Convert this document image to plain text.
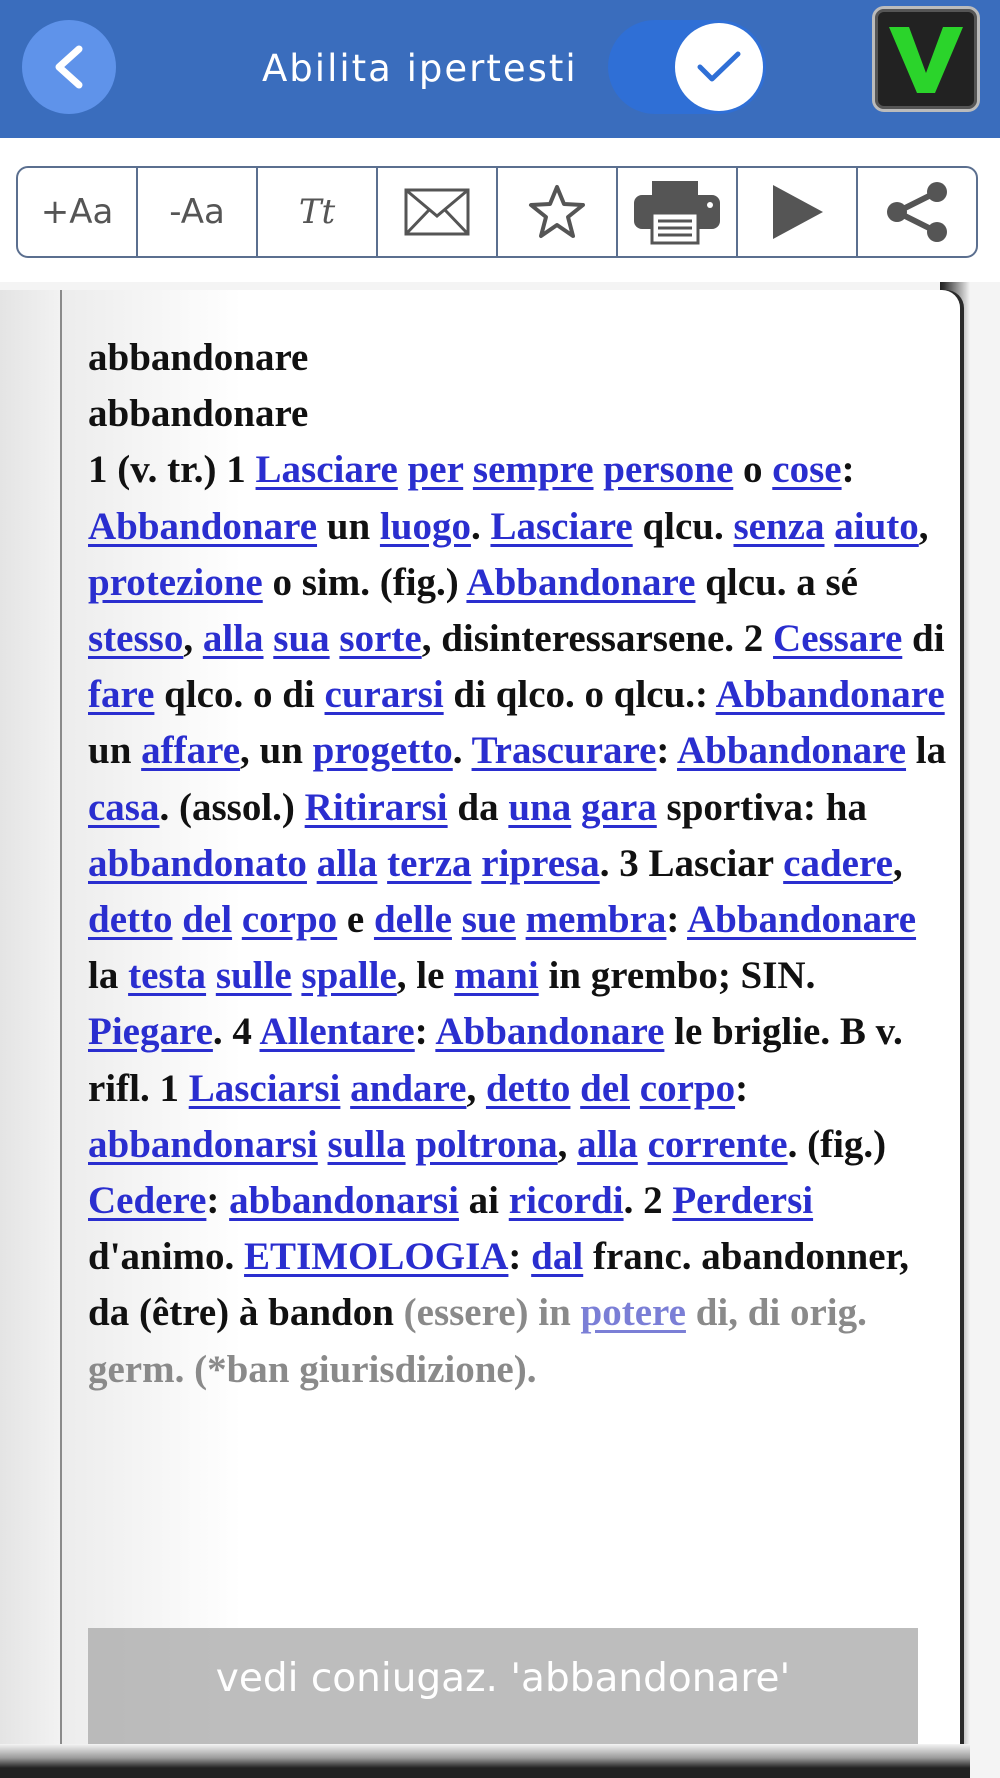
Abilita ipertesti
+Aa	-Aa	Tt
abbandonare
abbandonare
1 (v. tr.) 1 Lasciare per sempre persone o cose: Abbandonare un luogo. Lasciare qlcu. senza aiuto, protezione o sim. (fig.) Abbandonare qlcu. a sé stesso, alla sua sorte, disinteressarsene. 2 Cessare di fare qlco. o di curarsi di qlco. o qlcu.: Abbandonare un affare, un progetto. Trascurare: Abbandonare la casa. (assol.) Ritirarsi da una gara sportiva: ha abbandonato alla terza ripresa. 3 Lasciar cadere, detto del corpo e delle sue membra: Abbandonare la testa sulle spalle, le mani in grembo; SIN. Piegare. 4 Allentare: Abbandonare le briglie. B v. rifl. 1 Lasciarsi andare, detto del corpo: abbandonarsi sulla poltrona, alla corrente. (fig.) Cedere: abbandonarsi ai ricordi. 2 Perdersi d'animo. ETIMOLOGIA: dal franc. abandonner, da (être) à bandon (essere) in potere di, di orig. germ. (*ban giurisdizione).
vedi coniugaz. 'abbandonare'
